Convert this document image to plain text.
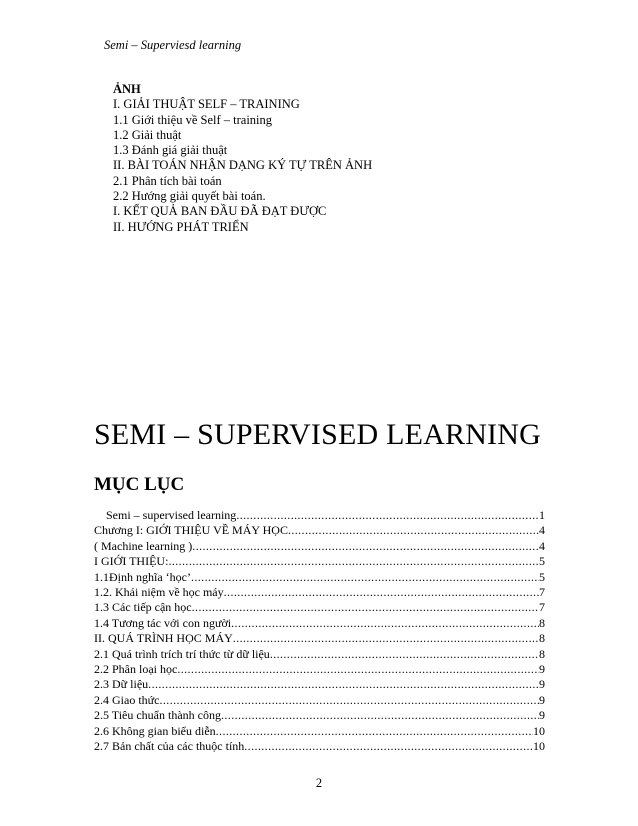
Semi – Superviesd learning
ẢNH
I. GIẢI THUẬT SELF – TRAINING
1.1 Giới thiệu về Self – training
1.2 Giải thuật
1.3 Đánh giá giải thuật
II. BÀI TOÁN NHẬN DẠNG KÝ TỰ TRÊN ẢNH
2.1 Phân tích bài toán
2.2 Hướng giải quyết bài toán.
I. KẾT QUẢ BAN ĐẦU ĐÃ ĐẠT ĐƯỢC
II. HƯỚNG PHÁT TRIỂN
SEMI – SUPERVISED LEARNING
MỤC LỤC
Semi – supervised learning .....	1
Chương I: GIỚI THIỆU VỀ MÁY HỌC .....	4
( Machine learning ) .....	4
I GIỚI THIỆU: .....	5
1.1Định nghĩa ‘học’ .....	5
1.2. Khái niệm về học máy .....	7
1.3 Các tiếp cận học .....	7
1.4 Tương tác với con người .....	8
II. QUÁ TRÌNH HỌC MÁY .....	8
2.1 Quá trình trích trí thức từ dữ liệu .....	8
2.2 Phân loại học .....	9
2.3 Dữ liệu .....	9
2.4 Giao thức .....	9
2.5 Tiêu chuẩn thành công .....	9
2.6 Không gian biểu diễn .....	10
2.7 Bản chất của các thuộc tính .....	10
2
